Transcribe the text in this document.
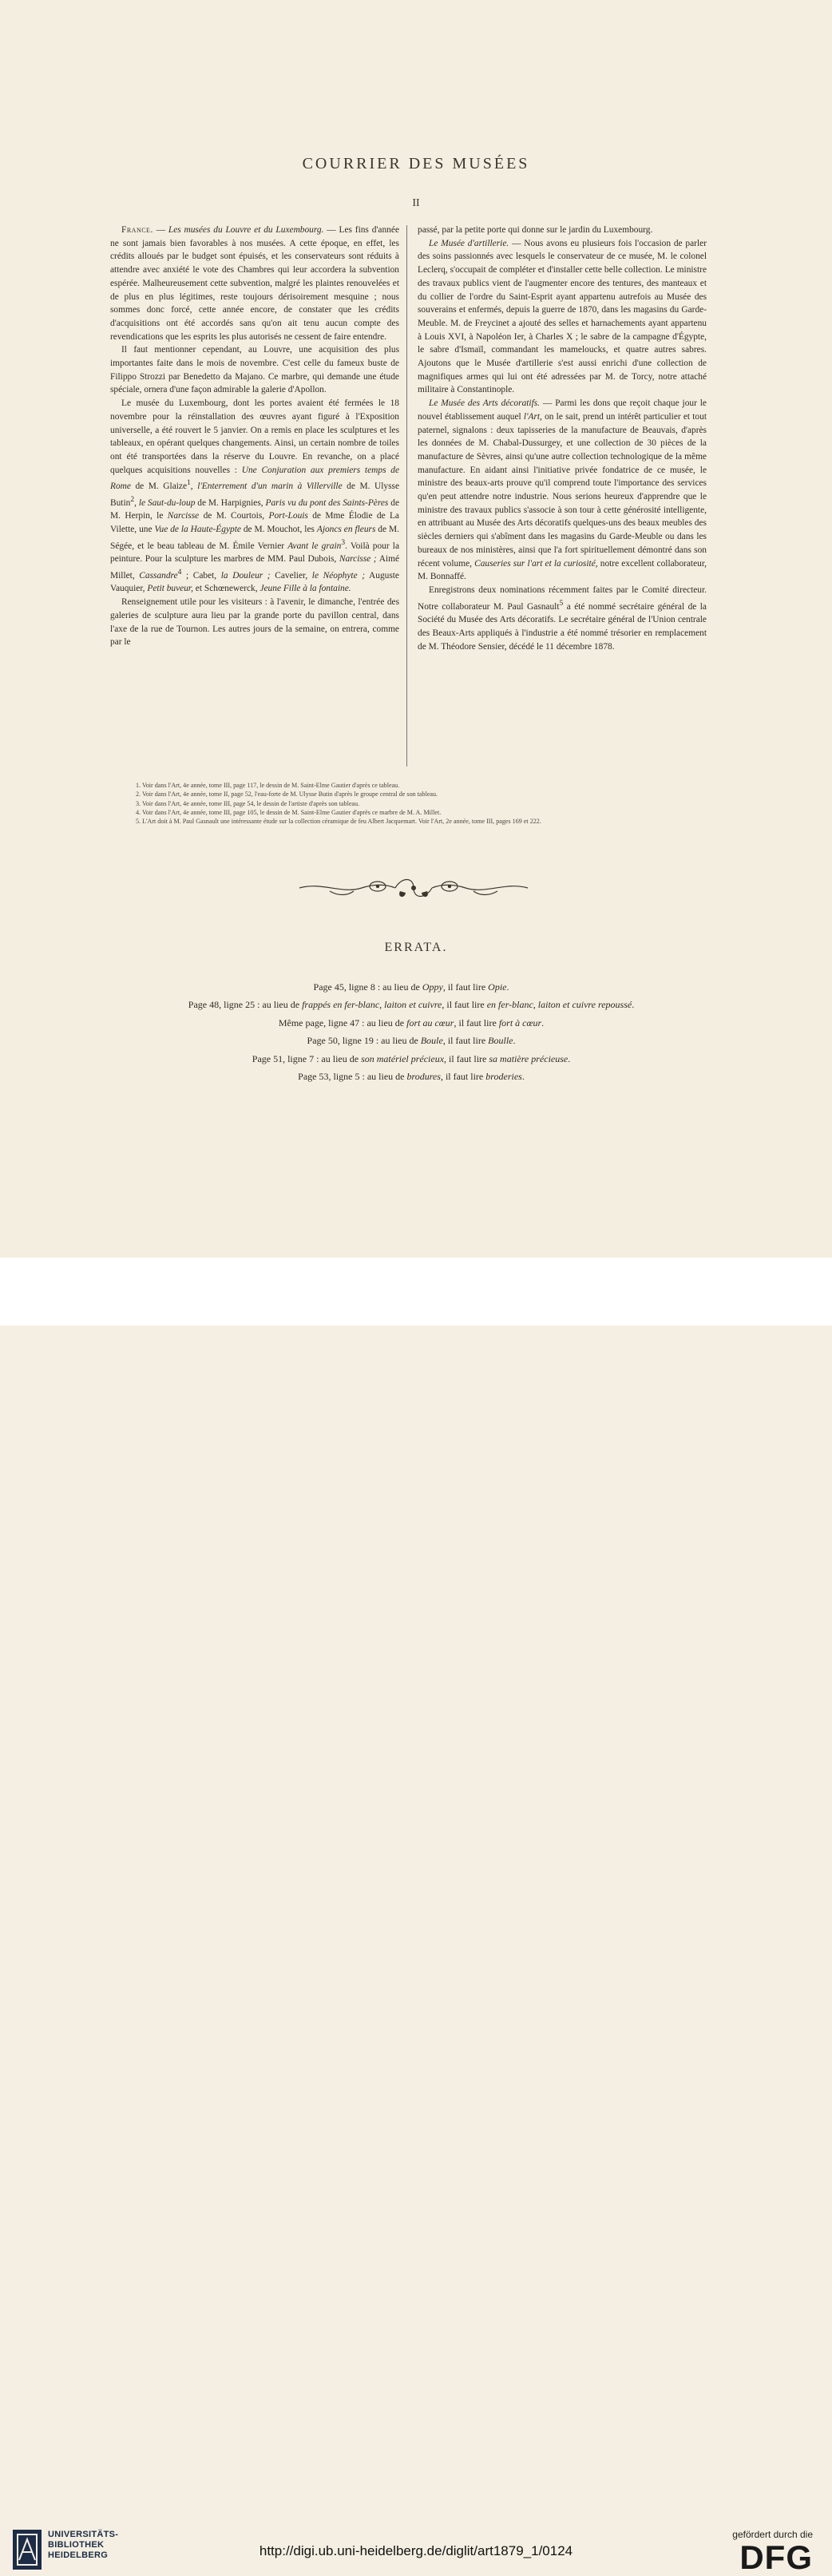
COURRIER DES MUSÉES
II

France. — Les musées du Louvre et du Luxembourg. — Les fins d'année ne sont jamais bien favorables à nos musées. A cette époque, en effet, les crédits alloués par le budget sont épuisés, et les conservateurs sont réduits à attendre avec anxiété le vote des Chambres qui leur accordera la subvention espérée. Malheureusement cette subvention, malgré les plaintes renouvelées et de plus en plus légitimes, reste toujours dérisoirement mesquine ; nous sommes donc forcé, cette année encore, de constater que les crédits d'acquisitions ont été accordés sans qu'on ait tenu aucun compte des revendications que les esprits les plus autorisés ne cessent de faire entendre.

Il faut mentionner cependant, au Louvre, une acquisition des plus importantes faite dans le mois de novembre. C'est celle du fameux buste de Filippo Strozzi par Benedetto da Majano. Ce marbre, qui demande une étude spéciale, ornera d'une façon admirable la galerie d'Apollon.

Le musée du Luxembourg, dont les portes avaient été fermées le 18 novembre pour la réinstallation des œuvres ayant figuré à l'Exposition universelle, a été rouvert le 5 janvier. On a remis en place les sculptures et les tableaux, en opérant quelques changements. Ainsi, un certain nombre de toiles ont été transportées dans la réserve du Louvre. En revanche, on a placé quelques acquisitions nouvelles : Une Conjuration aux premiers temps de Rome de M. Glaize$^1$, l'Enterrement d'un marin à Villerville de M. Ulysse Butin$^2$, le Saut-du-loup de M. Harpignies, Paris vu du pont des Saints-Pères de M. Herpin, le Narcisse de M. Courtois, Port-Louis de Mme Élodie de La Vilette, une Vue de la Haute-Égypte de M. Mouchot, les Ajoncs en fleurs de M. Ségée, et le beau tableau de M. Émile Vernier Avant le grain$^3$. Voilà pour la peinture. Pour la sculpture les marbres de MM. Paul Dubois, Narcisse ; Aimé Millet, Cassandre$^4$ ; Cabet, la Douleur ; Cavelier, le Néophyte ; Auguste Vauquier, Petit buveur, et Schœnewerck, Jeune Fille à la fontaine.

Renseignement utile pour les visiteurs : à l'avenir, le dimanche, l'entrée des galeries de sculpture aura lieu par la grande porte du pavillon central, dans l'axe de la rue de Tournon. Les autres jours de la semaine, on entrera, comme par le

passé, par la petite porte qui donne sur le jardin du Luxembourg.

Le Musée d'artillerie. — Nous avons eu plusieurs fois l'occasion de parler des soins passionnés avec lesquels le conservateur de ce musée, M. le colonel Leclerq, s'occupait de compléter et d'installer cette belle collection. Le ministre des travaux publics vient de l'augmenter encore des tentures, des manteaux et du collier de l'ordre du Saint-Esprit ayant appartenu autrefois au Musée des souverains et enfermés, depuis la guerre de 1870, dans les magasins du Garde-Meuble. M. de Freycinet a ajouté des selles et harnachements ayant appartenu à Louis XVI, à Napoléon Ier, à Charles X ; le sabre de la campagne d'Égypte, le sabre d'Ismaïl, commandant les mameloucks, et quatre autres sabres. Ajoutons que le Musée d'artillerie s'est aussi enrichi d'une collection de magnifiques armes qui lui ont été adressées par M. de Torcy, notre attaché militaire à Constantinople.

Le Musée des Arts décoratifs. — Parmi les dons que reçoit chaque jour le nouvel établissement auquel l'Art, on le sait, prend un intérêt particulier et tout paternel, signalons : deux tapisseries de la manufacture de Beauvais, d'après les données de M. Chabal-Dussurgey, et une collection de 30 pièces de la manufacture de Sèvres, ainsi qu'une autre collection technologique de la même manufacture. En aidant ainsi l'initiative privée fondatrice de ce musée, le ministre des beaux-arts prouve qu'il comprend toute l'importance des services qu'en peut attendre notre industrie. Nous serions heureux d'apprendre que le ministre des travaux publics s'associe à son tour à cette générosité intelligente, en attribuant au Musée des Arts décoratifs quelques-uns des beaux meubles des siècles derniers qui s'abîment dans les magasins du Garde-Meuble ou dans les bureaux de nos ministères, ainsi que l'a fort spirituellement démontré dans son récent volume, Causeries sur l'art et la curiosité, notre excellent collaborateur, M. Bonnaffé.

Enregistrons deux nominations récemment faites par le Comité directeur. Notre collaborateur M. Paul Gasnault$^5$ a été nommé secrétaire général de la Société du Musée des Arts décoratifs. Le secrétaire général de l'Union centrale des Beaux-Arts appliqués à l'industrie a été nommé trésorier en remplacement de M. Théodore Sensier, décédé le 11 décembre 1878.

1. Voir dans l'Art, 4e année, tome III, page 117, le dessin de M. Saint-Elme Gautier d'après ce tableau.
2. Voir dans l'Art, 4e année, tome II, page 52, l'eau-forte de M. Ulysse Butin d'après le groupe central de son tableau.
3. Voir dans l'Art, 4e année, tome III, page 54, le dessin de l'artiste d'après son tableau.
4. Voir dans l'Art, 4e année, tome III, page 105, le dessin de M. Saint-Elme Gautier d'après ce marbre de M. A. Millet.
5. L'Art doit à M. Paul Gasnault une intéressante étude sur la collection céramique de feu Albert Jacquemart. Voir l'Art, 2e année, tome III, pages 169 et 222.
ERRATA.
Page 45, ligne 8 : au lieu de Oppy, il faut lire Opie.
Page 48, ligne 25 : au lieu de frappés en fer-blanc, laiton et cuivre, il faut lire en fer-blanc, laiton et cuivre repoussé.
Même page, ligne 47 : au lieu de fort au cœur, il faut lire fort à cœur.
Page 50, ligne 19 : au lieu de Boule, il faut lire Boulle.
Page 51, ligne 7 : au lieu de son matériel précieux, il faut lire sa matière précieuse.
Page 53, ligne 5 : au lieu de brodures, il faut lire broderies.
UNIVERSITÄTS-
BIBLIOTHEK
HEIDELBERG	http://digi.ub.uni-heidelberg.de/diglit/art1879_1/0124
gefördert durch die
DFG
